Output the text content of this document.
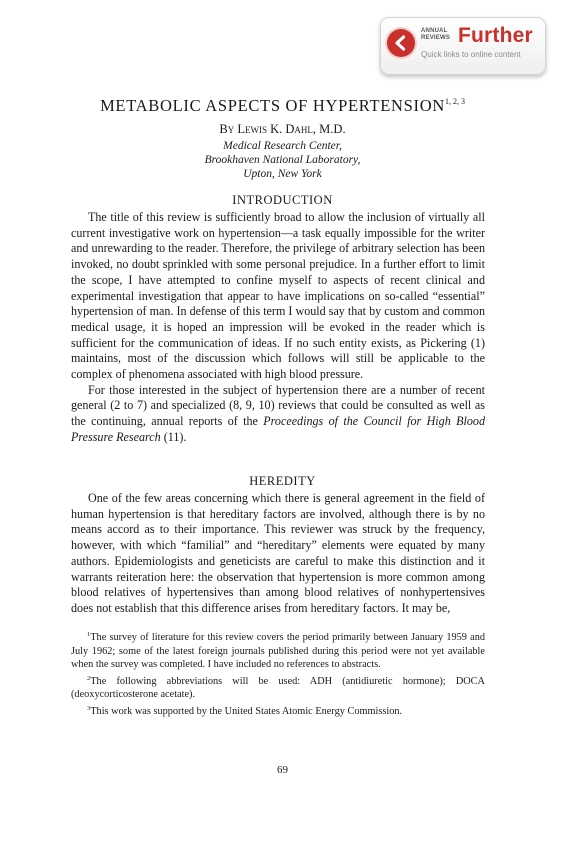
ANNUAL
REVIEWS Further
Quick links to online content
METABOLIC ASPECTS OF HYPERTENSION$^{1, 2, 3}$
By Lewis K. Dahl, M.D.
Medical Research Center,
Brookhaven National Laboratory,
Upton, New York
INTRODUCTION

The title of this review is sufficiently broad to allow the inclusion of virtually all current investigative work on hypertension—a task equally impossible for the writer and unrewarding to the reader. Therefore, the privilege of arbitrary selection has been invoked, no doubt sprinkled with some personal prejudice. In a further effort to limit the scope, I have attempted to confine myself to aspects of recent clinical and experimental investigation that appear to have implications on so-called “essential” hypertension of man. In defense of this term I would say that by custom and common medical usage, it is hoped an impression will be evoked in the reader which is sufficient for the communication of ideas. If no such entity exists, as Pickering (1) maintains, most of the discussion which follows will still be applicable to the complex of phenomena associated with high blood pressure.

For those interested in the subject of hypertension there are a number of recent general (2 to 7) and specialized (8, 9, 10) reviews that could be consulted as well as the continuing, annual reports of the Proceedings of the Council for High Blood Pressure Research (11).

HEREDITY

One of the few areas concerning which there is general agreement in the field of human hypertension is that hereditary factors are involved, although there is by no means accord as to their importance. This reviewer was struck by the frequency, however, with which “familial” and “hereditary” elements were equated by many authors. Epidemiologists and geneticists are careful to make this distinction and it warrants reiteration here: the observation that hypertension is more common among blood relatives of hypertensives than among blood relatives of nonhypertensives does not establish that this difference arises from hereditary factors. It may be,

$^1$The survey of literature for this review covers the period primarily between January 1959 and July 1962; some of the latest foreign journals published during this period were not yet available when the survey was completed. I have included no references to abstracts.

$^2$The following abbreviations will be used: ADH (antidiuretic hormone); DOCA (deoxycorticosterone acetate).

$^3$This work was supported by the United States Atomic Energy Commission.

69
